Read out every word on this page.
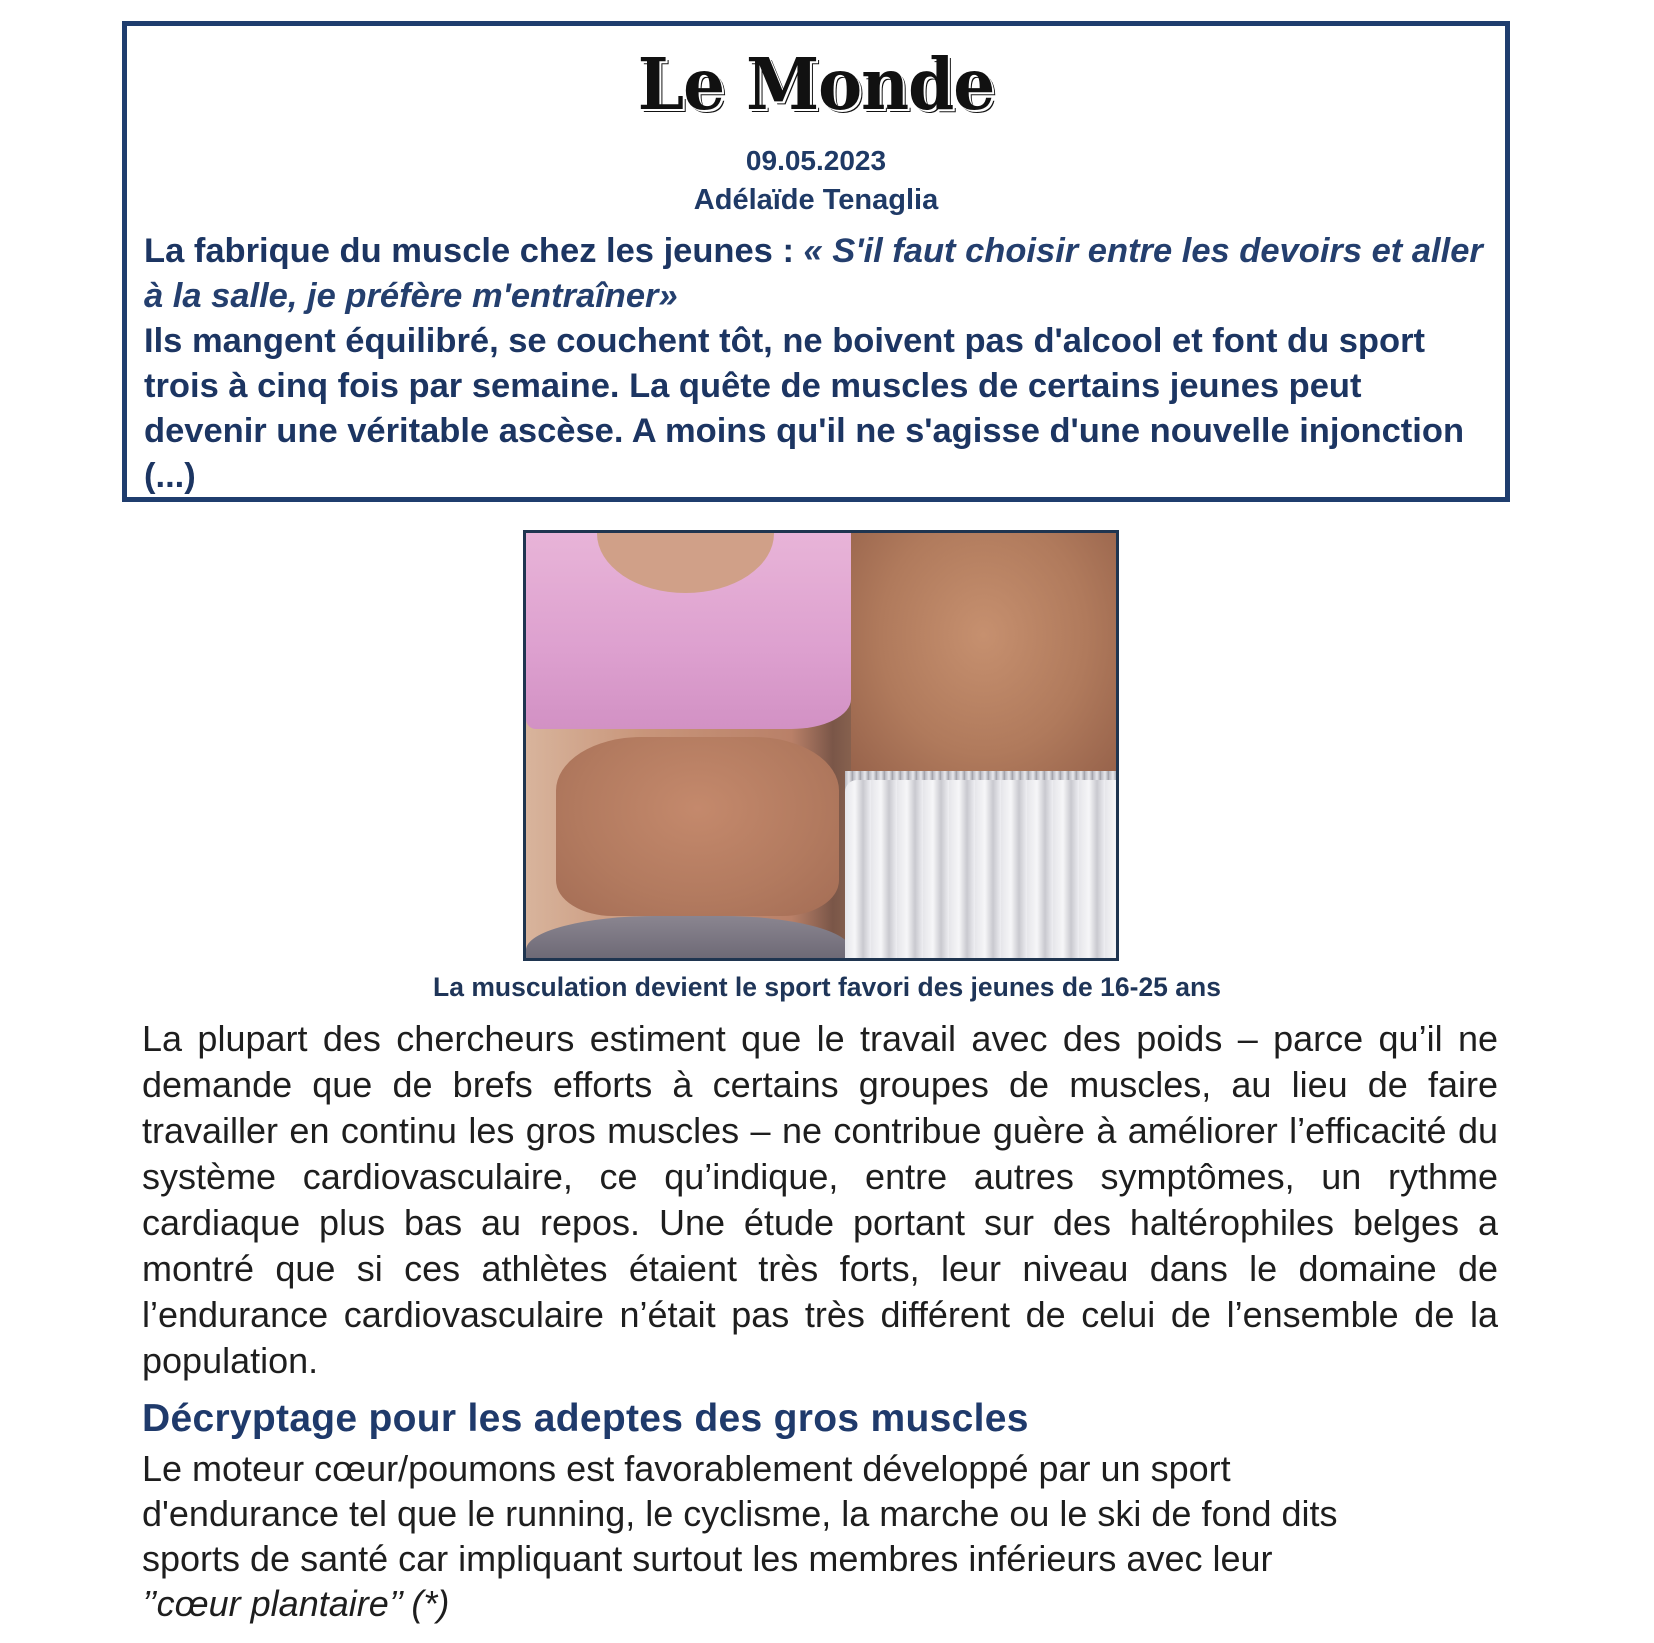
Le Monde
09.05.2023
Adélaïde Tenaglia
La fabrique du muscle chez les jeunes : « S'il faut choisir entre les devoirs et aller à la salle, je préfère m'entraîner»
Ils mangent équilibré, se couchent tôt, ne boivent pas d'alcool et font du sport trois à cinq fois par semaine. La quête de muscles de certains jeunes peut devenir une véritable ascèse. A moins qu'il ne s'agisse d'une nouvelle injonction (...)
La musculation devient le sport favori des jeunes de 16-25 ans
La plupart des chercheurs estiment que le travail avec des poids – parce qu’il ne demande que de brefs efforts à certains groupes de muscles, au lieu de faire travailler en continu les gros muscles – ne contribue guère à améliorer l’efficacité du système cardiovasculaire, ce qu’indique, entre autres symptômes, un rythme cardiaque plus bas au repos. Une étude portant sur des haltérophiles belges a montré que si ces athlètes étaient très forts, leur niveau dans le domaine de l’endurance cardiovasculaire n’était pas très différent de celui de l’ensemble de la population.
Décryptage pour les adeptes des gros muscles
Le moteur cœur/poumons est favorablement développé par un sport
d'endurance tel que le running, le cyclisme, la marche ou le ski de fond dits
sports de santé car impliquant surtout les membres inférieurs avec leur
’’cœur plantaire’’ (*)
